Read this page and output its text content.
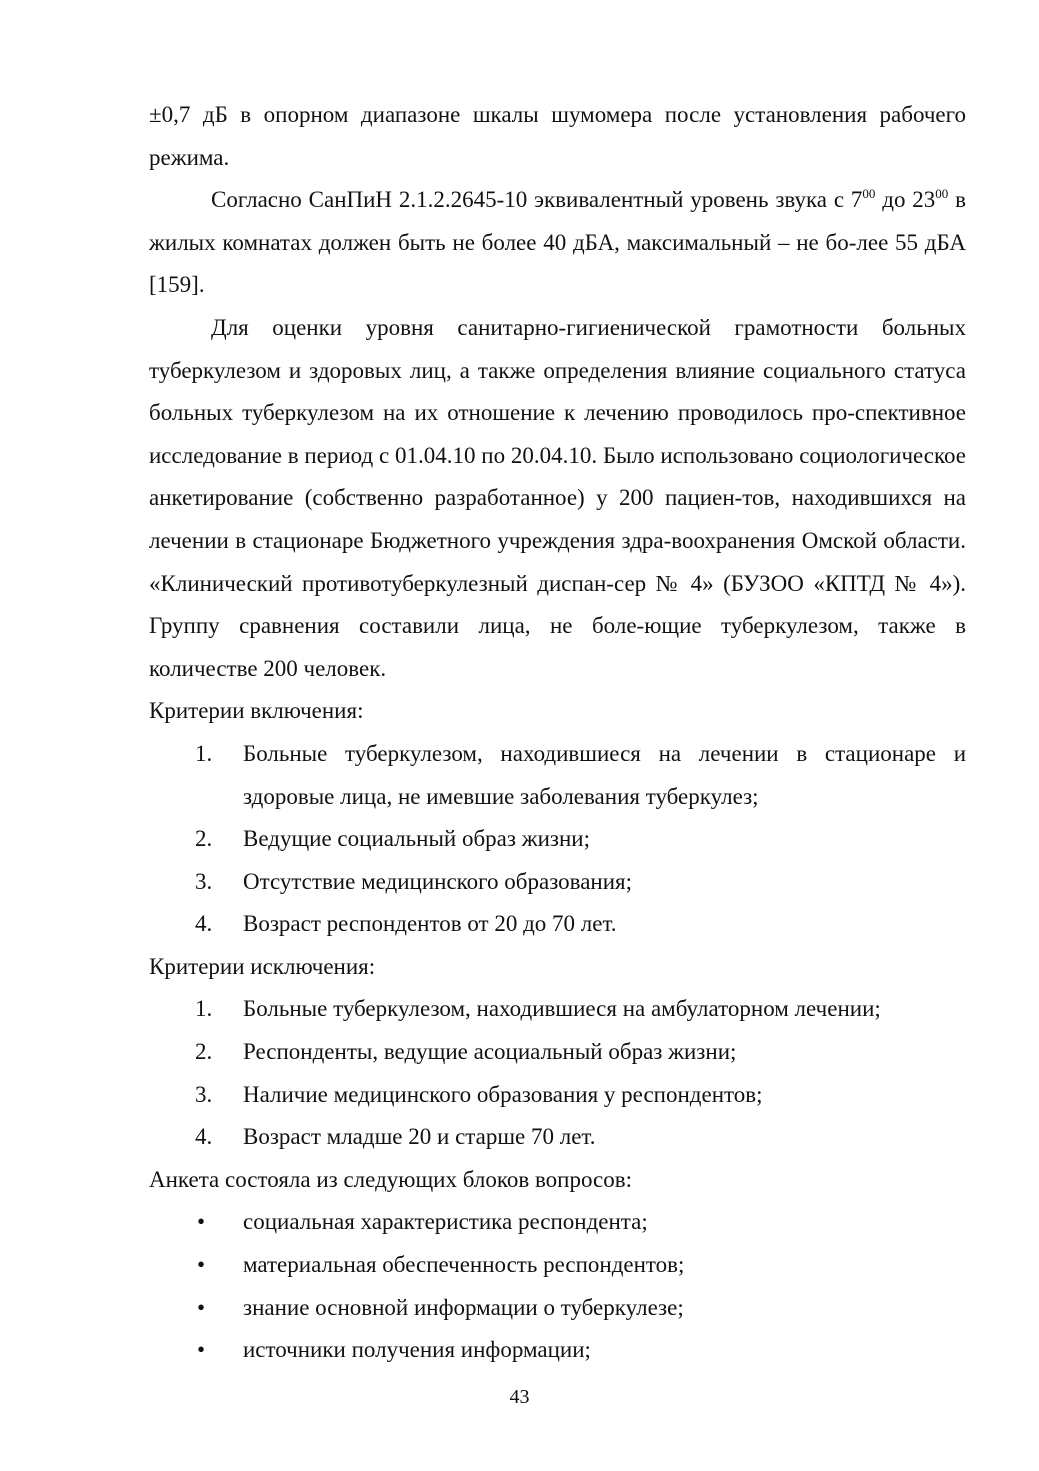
±0,7 дБ в опорном диапазоне шкалы шумомера после установления рабочего
режима.

Согласно СанПиН 2.1.2.2645-10 эквивалентный уровень звука с $7^{00}$ до $23^{00}$ в жилых комнатах должен быть не более 40 дБА, максимальный – не бо-лее 55 дБА [159].

Для оценки уровня санитарно-гигиенической грамотности больных туберкулезом и здоровых лиц, а также определения влияние социального статуса больных туберкулезом на их отношение к лечению проводилось про-спективное исследование в период с 01.04.10 по 20.04.10. Было использовано социологическое анкетирование (собственно разработанное) у 200 пациен-тов, находившихся на лечении в стационаре Бюджетного учреждения здра-воохранения Омской области. «Клинический противотуберкулезный диспан-сер № 4» (БУЗОО «КПТД № 4»). Группу сравнения составили лица, не боле-ющие туберкулезом, также в количестве 200 человек.

Критерии включения:

1. Больные туберкулезом, находившиеся на лечении в стационаре и здоровые лица, не имевшие заболевания туберкулез;
2. Ведущие социальный образ жизни;
3. Отсутствие медицинского образования;
4. Возраст респондентов от 20 до 70 лет.

Критерии исключения:

1. Больные туберкулезом, находившиеся на амбулаторном лечении;
2. Респонденты, ведущие асоциальный образ жизни;
3. Наличие медицинского образования у респондентов;
4. Возраст младше 20 и старше 70 лет.

Анкета состояла из следующих блоков вопросов:

• социальная характеристика респондента;
• материальная обеспеченность респондентов;
• знание основной информации о туберкулезе;
• источники получения информации;
43
